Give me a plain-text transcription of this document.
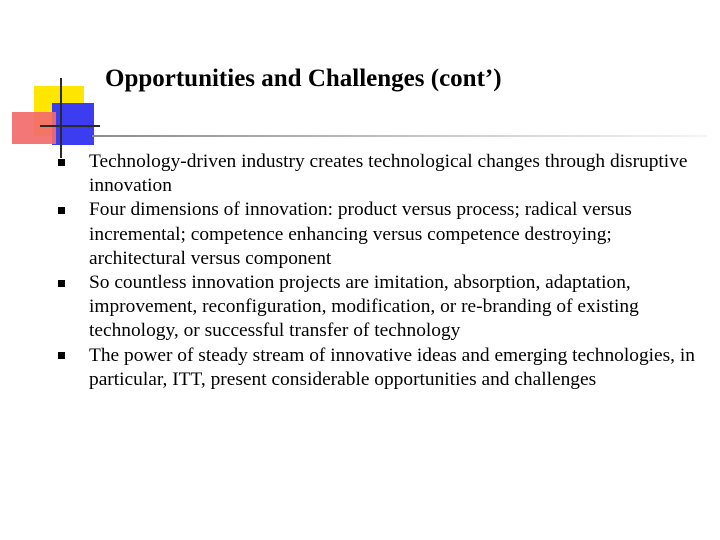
Opportunities and Challenges (cont’)
Technology-driven industry creates technological changes through disruptive innovation
Four dimensions of innovation: product versus process; radical versus incremental; competence enhancing versus competence destroying; architectural versus component
So countless innovation projects are imitation, absorption, adaptation, improvement, reconfiguration, modification, or re-branding of existing technology, or successful transfer of technology
The power of steady stream of innovative ideas and emerging technologies, in particular, ITT, present considerable opportunities and challenges
